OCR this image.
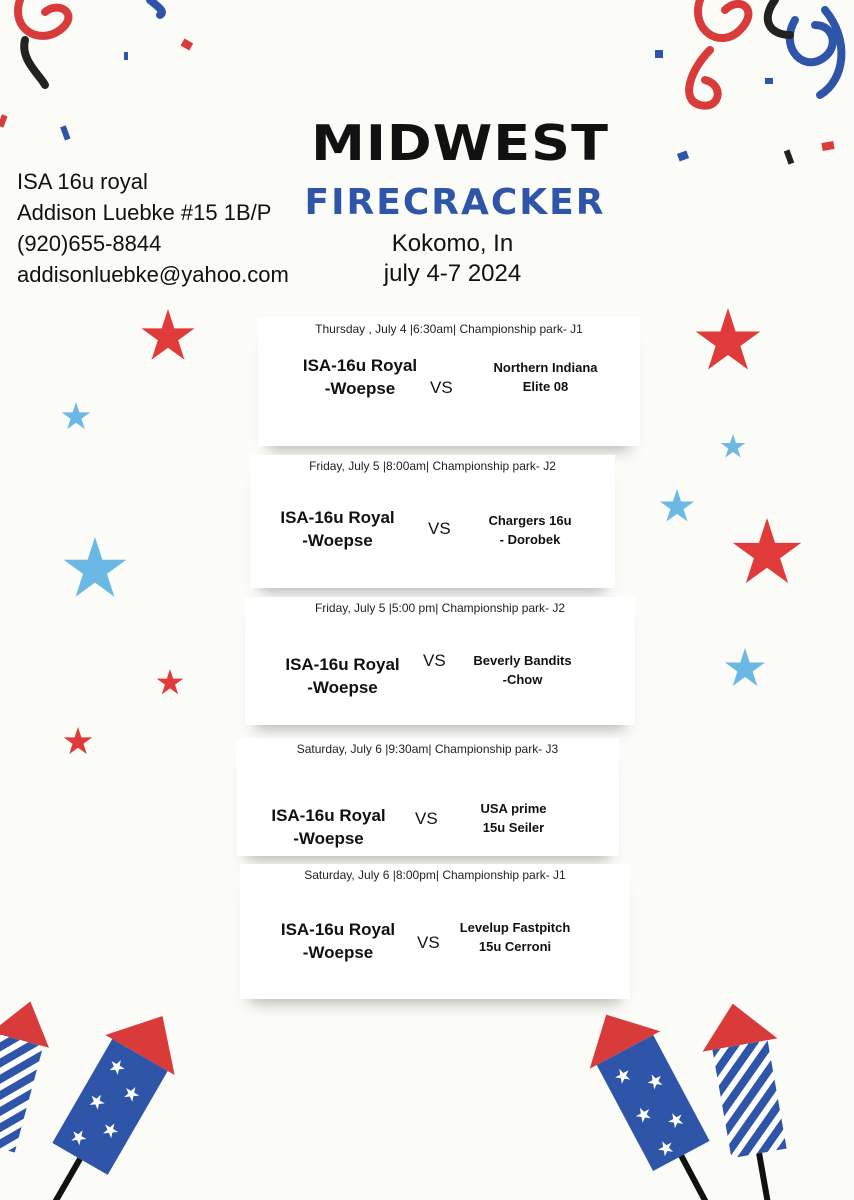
MIDWEST
FIRECRACKER
Kokomo, In
july 4-7 2024
ISA 16u royal
Addison Luebke #15 1B/P
(920)655-8844
addisonluebke@yahoo.com
Thursday , July 4 |6:30am| Championship park- J1
ISA-16u Royal
-Woepse	VS
Northern Indiana
Elite 08
Friday, July 5 |8:00am| Championship park- J2
ISA-16u Royal
-Woepse
VS	Chargers 16u
- Dorobek
Friday, July 5 |5:00 pm| Championship park- J2
ISA-16u Royal
-Woepse
VS	Beverly Bandits
-Chow
Saturday, July 6 |9:30am| Championship park- J3
ISA-16u Royal
-Woepse
VS
USA prime
15u Seiler
Saturday, July 6 |8:00pm| Championship park- J1
ISA-16u Royal
-Woepse
VS
Levelup Fastpitch
15u Cerroni
